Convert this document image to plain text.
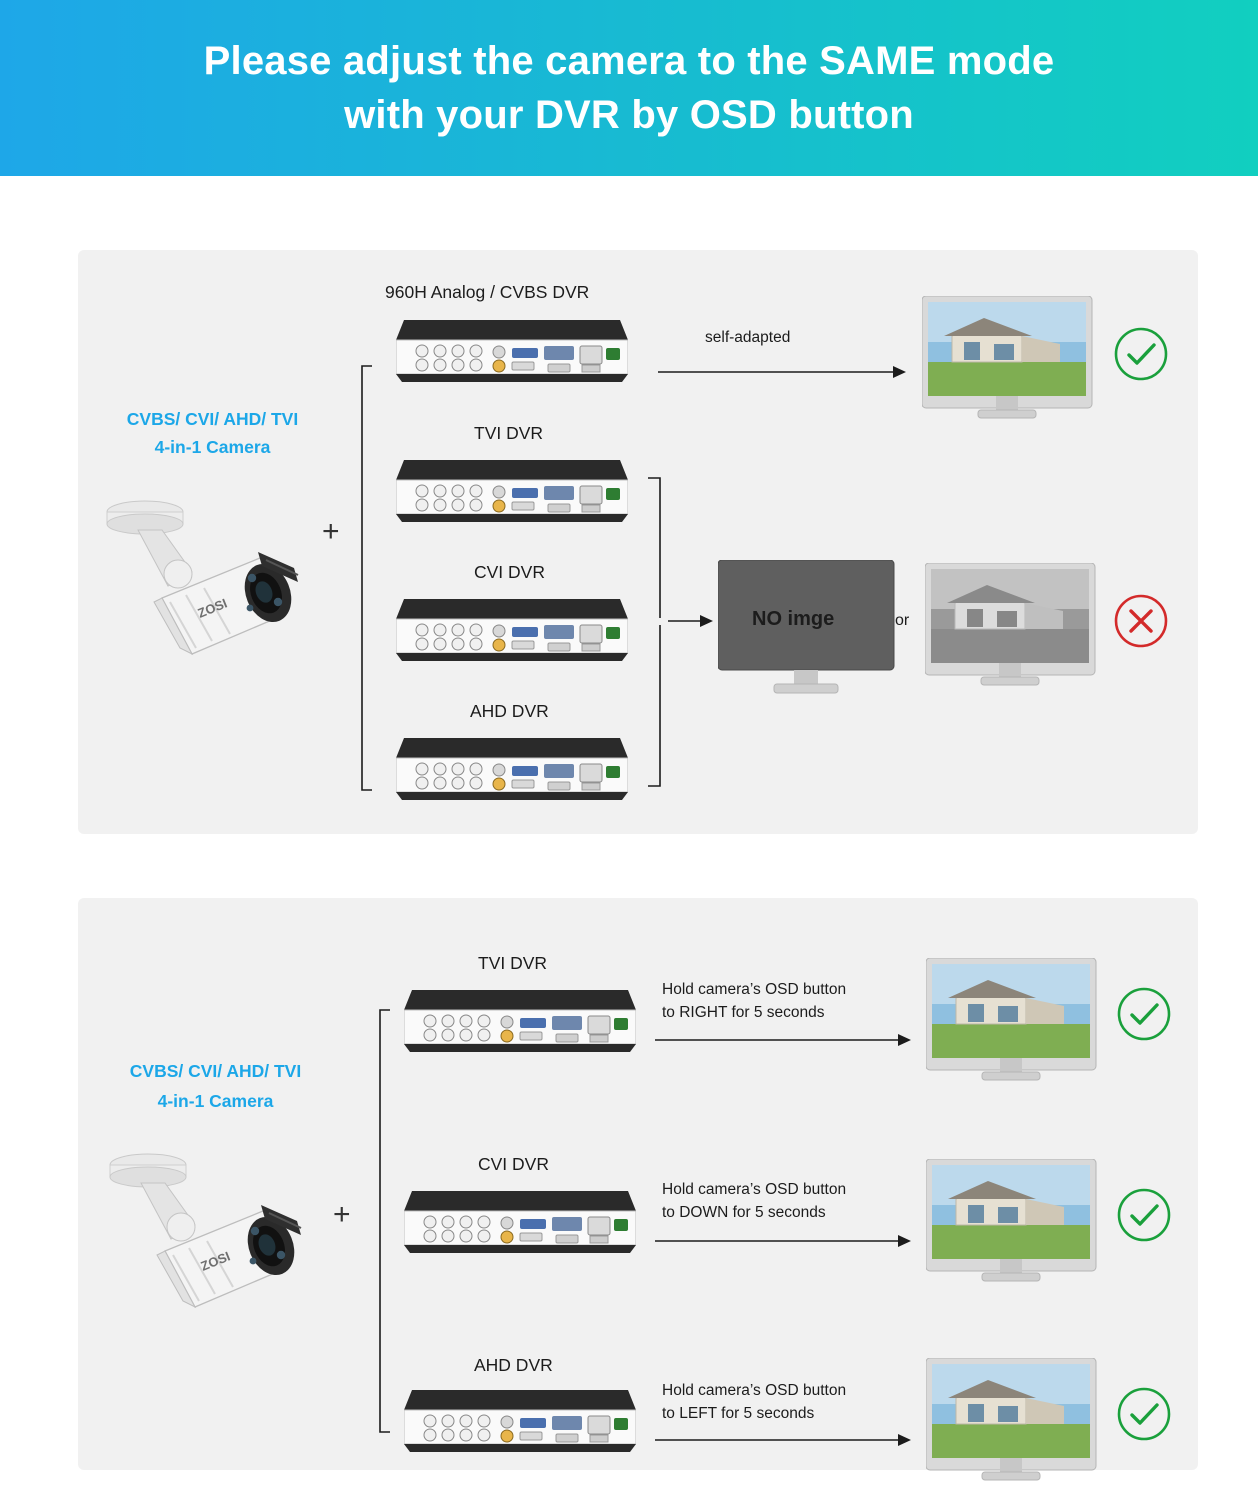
Please adjust the camera to the SAME mode
with your DVR by OSD button
CVBS/ CVI/ AHD/ TVI
4-in-1 Camera
ZOSI
+
960H Analog / CVBS DVR
TVI DVR
CVI DVR
AHD DVR
self-adapted
NO imge	or
CVBS/ CVI/ AHD/ TVI
4-in-1 Camera
ZOSI
+
TVI DVR
CVI DVR
AHD DVR
Hold camera’s OSD button
to RIGHT for 5 seconds
Hold camera’s OSD button
to DOWN for 5 seconds
Hold camera’s OSD button
to LEFT for 5 seconds
